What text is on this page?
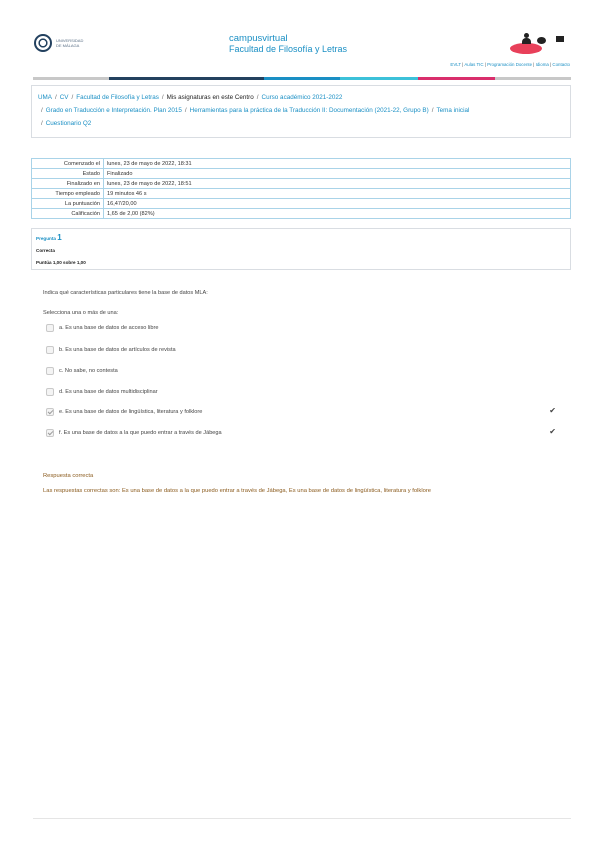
UNIVERSIDAD DE MÁLAGA
campusvirtual
Facultad de Filosofía y Letras
EVLT | Aulas TIC | Programación Docente | Idioma | Contacto
UMA / CV / Facultad de Filosofía y Letras / Mis asignaturas en este Centro / Curso académico 2021-2022
/ Grado en Traducción e Interpretación. Plan 2015 / Herramientas para la práctica de la Traducción II: Documentación (2021-22, Grupo B) / Tema inicial
/ Cuestionario Q2
Comenzado el	lunes, 23 de mayo de 2022, 18:31
Estado	Finalizado
Finalizado en	lunes, 23 de mayo de 2022, 18:51
Tiempo empleado	19 minutos 46 s
La puntuación	16,47/20,00
Calificación	1,65 de 2,00 (82%)
Pregunta 1
Correcta
Puntúa 1,00 sobre 1,00
Indica qué características particulares tiene la base de datos MLA:
Selecciona una o más de una:
a. Es una base de datos de acceso libre
b. Es una base de datos de artículos de revista
c. No sabe, no contesta
d. Es una base de datos multidisciplinar
e. Es una base de datos de lingüística, literatura y folklore	✔
f. Es una base de datos a la que puedo entrar a través de Jábega	✔
Respuesta correcta
Las respuestas correctas son: Es una base de datos a la que puedo entrar a través de Jábega, Es una base de datos de lingüística, literatura y folklore
